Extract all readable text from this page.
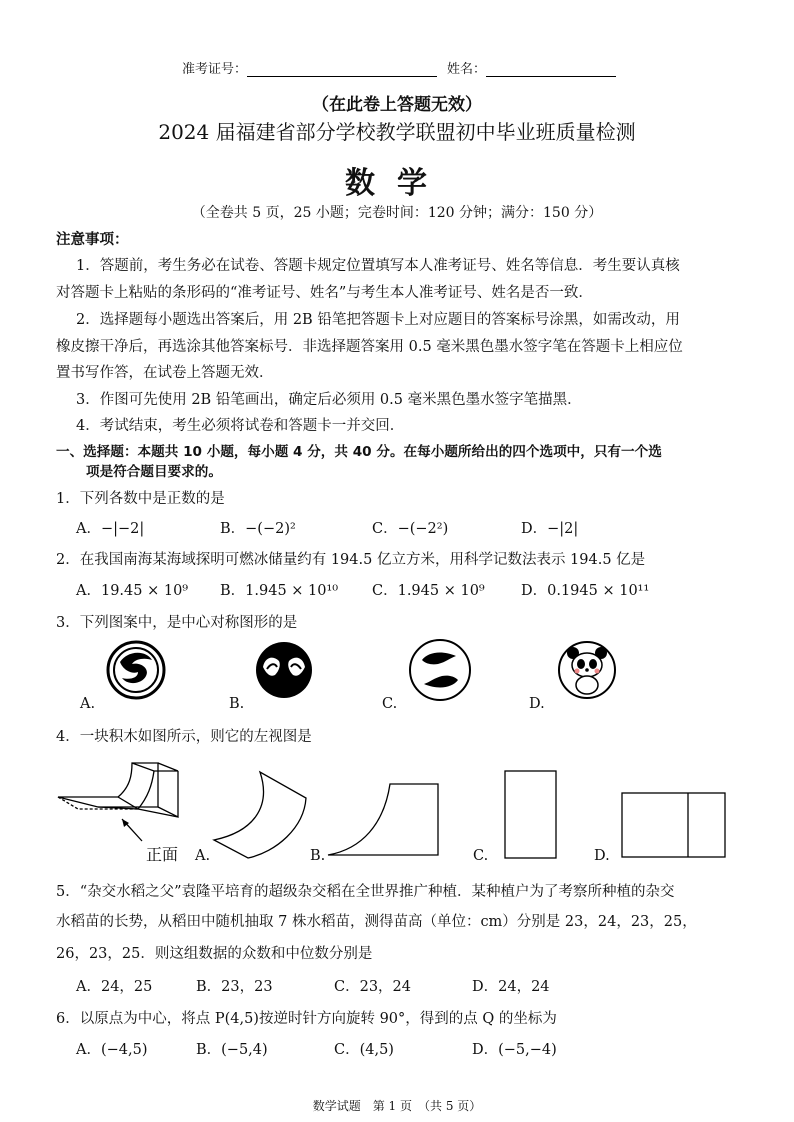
准考证号：	姓名：
（在此卷上答题无效）
2024 届福建省部分学校教学联盟初中毕业班质量检测
数学
（全卷共 5 页，25 小题；完卷时间：120 分钟；满分：150 分）
注意事项：
1．答题前，考生务必在试卷、答题卡规定位置填写本人准考证号、姓名等信息．考生要认真核
对答题卡上粘贴的条形码的“准考证号、姓名”与考生本人准考证号、姓名是否一致．
2．选择题每小题选出答案后，用 2B 铅笔把答题卡上对应题目的答案标号涂黑，如需改动，用
橡皮擦干净后，再选涂其他答案标号．非选择题答案用 0.5 毫米黑色墨水签字笔在答题卡上相应位
置书写作答，在试卷上答题无效．
3．作图可先使用 2B 铅笔画出，确定后必须用 0.5 毫米黑色墨水签字笔描黑．
4．考试结束，考生必须将试卷和答题卡一并交回．
一、选择题：本题共 10 小题，每小题 4 分，共 40 分。在每小题所给出的四个选项中，只有一个选
项是符合题目要求的。
1．下列各数中是正数的是
A．−|−2|	B．−(−2)²	C．−(−2²)	D．−|2|
2．在我国南海某海域探明可燃冰储量约有 194.5 亿立方米，用科学记数法表示 194.5 亿是
A．19.45 × 10⁹ B．1.945 × 10¹⁰ C．1.945 × 10⁹	D．0.1945 × 10¹¹
3．下列图案中，是中心对称图形的是
A.	B.	C.	D.
4．一块积木如图所示，则它的左视图是
正面 A.	B.	C.	D.
5．“杂交水稻之父”袁隆平培育的超级杂交稻在全世界推广种植．某种植户为了考察所种植的杂交
水稻苗的长势，从稻田中随机抽取 7 株水稻苗，测得苗高（单位：cm）分别是 23，24，23，25，
26，23，25．则这组数据的众数和中位数分别是
A．24，25	B．23，23	C．23，24	D．24，24
6．以原点为中心，将点 P(4,5)按逆时针方向旋转 90°，得到的点 Q 的坐标为
A．(−4,5)	B．(−5,4)	C．(4,5)	D．(−5,−4)
数学试题　第 1 页　（共 5 页）
